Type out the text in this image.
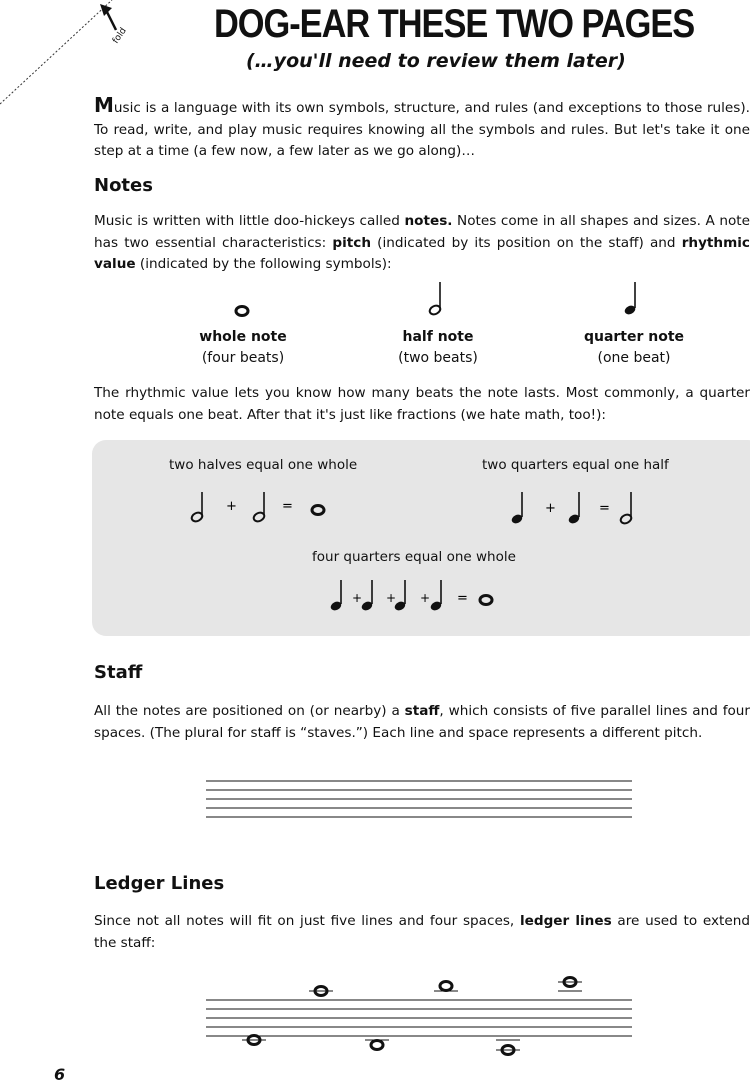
fold DOG-EAR THESE TWO PAGES
(…you'll need to review them later)
Music is a language with its own symbols, structure, and rules (and exceptions to those rules). To read, write, and play music requires knowing all the symbols and rules. But let's take it one step at a time (a few now, a few later as we go along)…
Notes
Music is written with little doo-hickeys called notes. Notes come in all shapes and sizes. A note has two essential characteristics: pitch (indicated by its position on the staff) and rhythmic value (indicated by the following symbols):
whole note
(four beats)
half note
(two beats)
quarter note
(one beat)
The rhythmic value lets you know how many beats the note lasts. Most commonly, a quarter note equals one beat. After that it's just like fractions (we hate math, too!):
two halves equal one whole	two quarters equal one half
four quarters equal one whole
+	=	+	=
+ + + =
Staff
All the notes are positioned on (or nearby) a staff, which consists of five parallel lines and four spaces. (The plural for staff is “staves.”) Each line and space represents a different pitch.
Ledger Lines
Since not all notes will fit on just five lines and four spaces, ledger lines are used to extend the staff:
6
